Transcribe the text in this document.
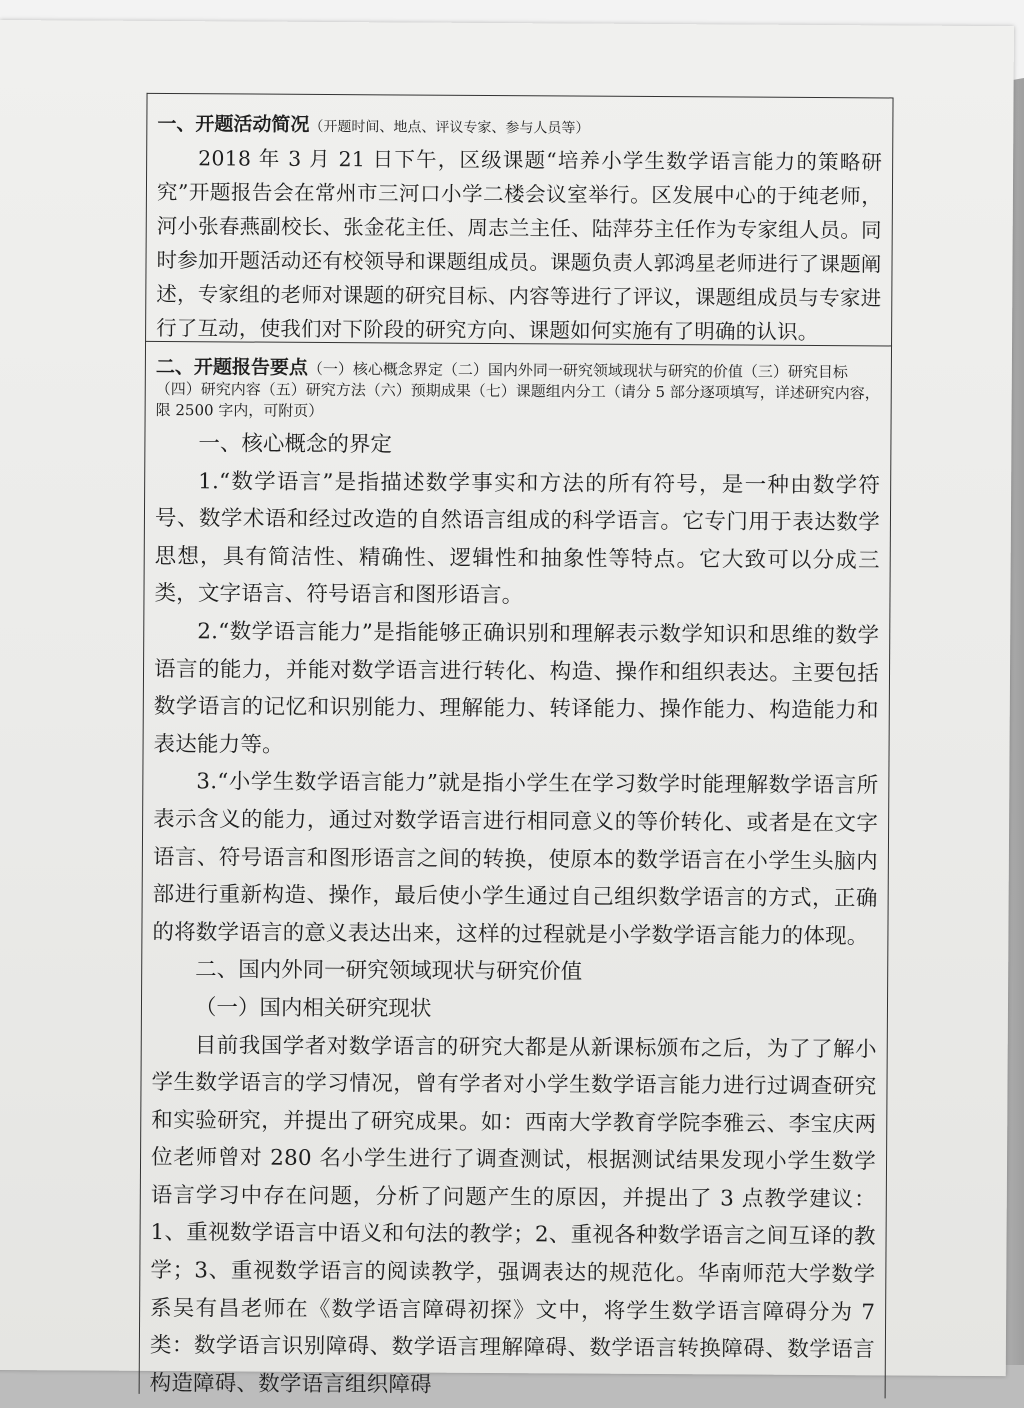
一、开题活动简况（开题时间、地点、评议专家、参与人员等）

2018 年 3 月 21 日下午，区级课题“培养小学生数学语言能力的策略研究”开题报告会在常州市三河口小学二楼会议室举行。区发展中心的于纯老师，河小张春燕副校长、张金花主任、周志兰主任、陆萍芬主任作为专家组人员。同时参加开题活动还有校领导和课题组成员。课题负责人郭鸿星老师进行了课题阐述，专家组的老师对课题的研究目标、内容等进行了评议，课题组成员与专家进行了互动，使我们对下阶段的研究方向、课题如何实施有了明确的认识。

二、开题报告要点（一）核心概念界定（二）国内外同一研究领域现状与研究的价值（三）研究目标（四）研究内容（五）研究方法（六）预期成果（七）课题组内分工（请分 5 部分逐项填写，详述研究内容，限 2500 字内，可附页）
一、核心概念的界定

1.“数学语言”是指描述数学事实和方法的所有符号，是一种由数学符号、数学术语和经过改造的自然语言组成的科学语言。它专门用于表达数学思想，具有简洁性、精确性、逻辑性和抽象性等特点。它大致可以分成三类，文字语言、符号语言和图形语言。

2.“数学语言能力”是指能够正确识别和理解表示数学知识和思维的数学语言的能力，并能对数学语言进行转化、构造、操作和组织表达。主要包括数学语言的记忆和识别能力、理解能力、转译能力、操作能力、构造能力和表达能力等。

3.“小学生数学语言能力”就是指小学生在学习数学时能理解数学语言所表示含义的能力，通过对数学语言进行相同意义的等价转化、或者是在文字语言、符号语言和图形语言之间的转换，使原本的数学语言在小学生头脑内部进行重新构造、操作，最后使小学生通过自己组织数学语言的方式，正确的将数学语言的意义表达出来，这样的过程就是小学数学语言能力的体现。

二、国内外同一研究领域现状与研究价值
（一）国内相关研究现状

目前我国学者对数学语言的研究大都是从新课标颁布之后，为了了解小学生数学语言的学习情况，曾有学者对小学生数学语言能力进行过调查研究和实验研究，并提出了研究成果。如：西南大学教育学院李雅云、李宝庆两位老师曾对 280 名小学生进行了调查测试，根据测试结果发现小学生数学语言学习中存在问题，分析了问题产生的原因，并提出了 3 点教学建议：1、重视数学语言中语义和句法的教学；2、重视各种数学语言之间互译的教学；3、重视数学语言的阅读教学，强调表达的规范化。华南师范大学数学系吴有昌老师在《数学语言障碍初探》文中，将学生数学语言障碍分为 7 类：数学语言识别障碍、数学语言理解障碍、数学语言转换障碍、数学语言构造障碍、数学语言组织障碍
